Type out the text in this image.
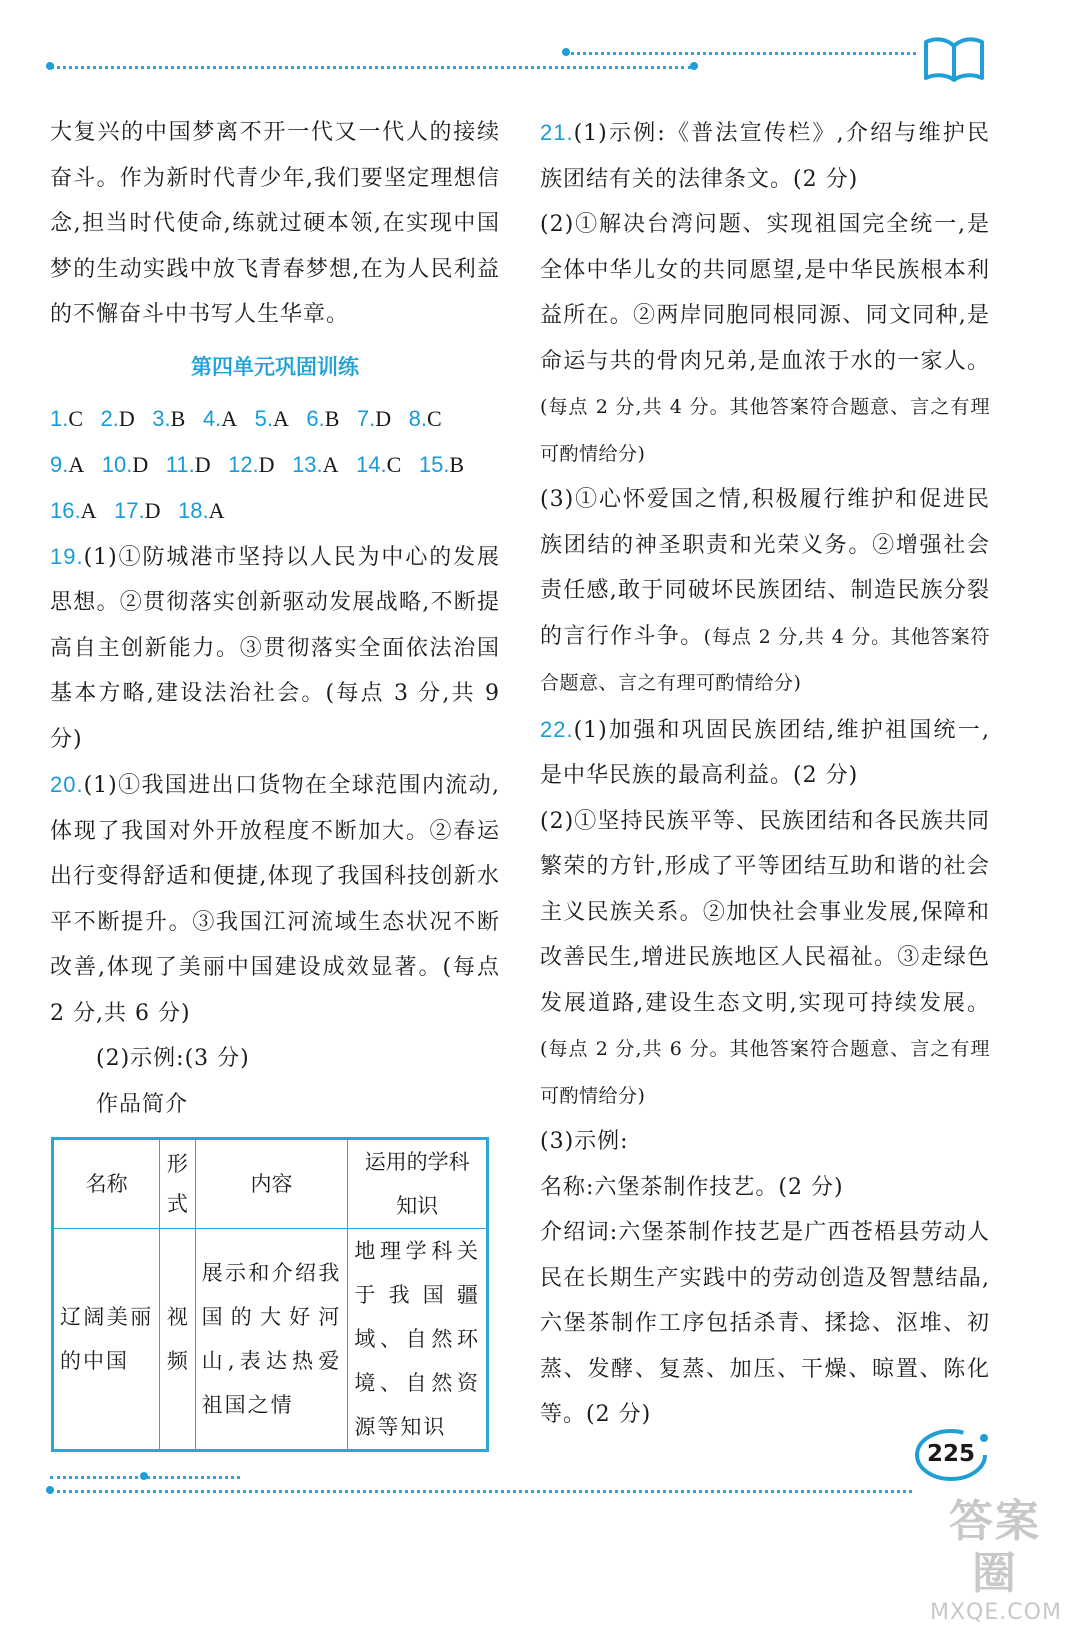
大复兴的中国梦离不开一代又一代人的接续奋斗。作为新时代青少年,我们要坚定理想信念,担当时代使命,练就过硬本领,在实现中国梦的生动实践中放飞青春梦想,在为人民利益的不懈奋斗中书写人生华章。

第四单元巩固训练
1.C 2.D 3.B 4.A 5.A 6.B 7.D 8.C
9.A 10.D 11.D 12.D 13.A 14.C 15.B
16.A 17.D 18.A

19.(1)①防城港市坚持以人民为中心的发展思想。②贯彻落实创新驱动发展战略,不断提高自主创新能力。③贯彻落实全面依法治国基本方略,建设法治社会。(每点 3 分,共 9 分)

20.(1)①我国进出口货物在全球范围内流动,体现了我国对外开放程度不断加大。②春运出行变得舒适和便捷,体现了我国科技创新水平不断提升。③我国江河流域生态状况不断改善,体现了美丽中国建设成效显著。(每点 2 分,共 6 分)

(2)示例:(3 分)

作品简介

名称	形式	内容	运用的学科知识
辽阔美丽的中国	视频	展示和介绍我国的大好河山,表达热爱祖国之情	地理学科关于我国疆域、自然环境、自然资源等知识

21.(1)示例:《普法宣传栏》,介绍与维护民族团结有关的法律条文。(2 分)

(2)①解决台湾问题、实现祖国完全统一,是全体中华儿女的共同愿望,是中华民族根本利益所在。②两岸同胞同根同源、同文同种,是命运与共的骨肉兄弟,是血浓于水的一家人。(每点 2 分,共 4 分。其他答案符合题意、言之有理可酌情给分)

(3)①心怀爱国之情,积极履行维护和促进民族团结的神圣职责和光荣义务。②增强社会责任感,敢于同破坏民族团结、制造民族分裂的言行作斗争。(每点 2 分,共 4 分。其他答案符合题意、言之有理可酌情给分)

22.(1)加强和巩固民族团结,维护祖国统一,是中华民族的最高利益。(2 分)

(2)①坚持民族平等、民族团结和各民族共同繁荣的方针,形成了平等团结互助和谐的社会主义民族关系。②加快社会事业发展,保障和改善民生,增进民族地区人民福祉。③走绿色发展道路,建设生态文明,实现可持续发展。(每点 2 分,共 6 分。其他答案符合题意、言之有理可酌情给分)

(3)示例:

名称:六堡茶制作技艺。(2 分)

介绍词:六堡茶制作技艺是广西苍梧县劳动人民在长期生产实践中的劳动创造及智慧结晶,六堡茶制作工序包括杀青、揉捻、沤堆、初蒸、发酵、复蒸、加压、干燥、晾置、陈化等。(2 分)

225
答案圈
MXQE.COM
